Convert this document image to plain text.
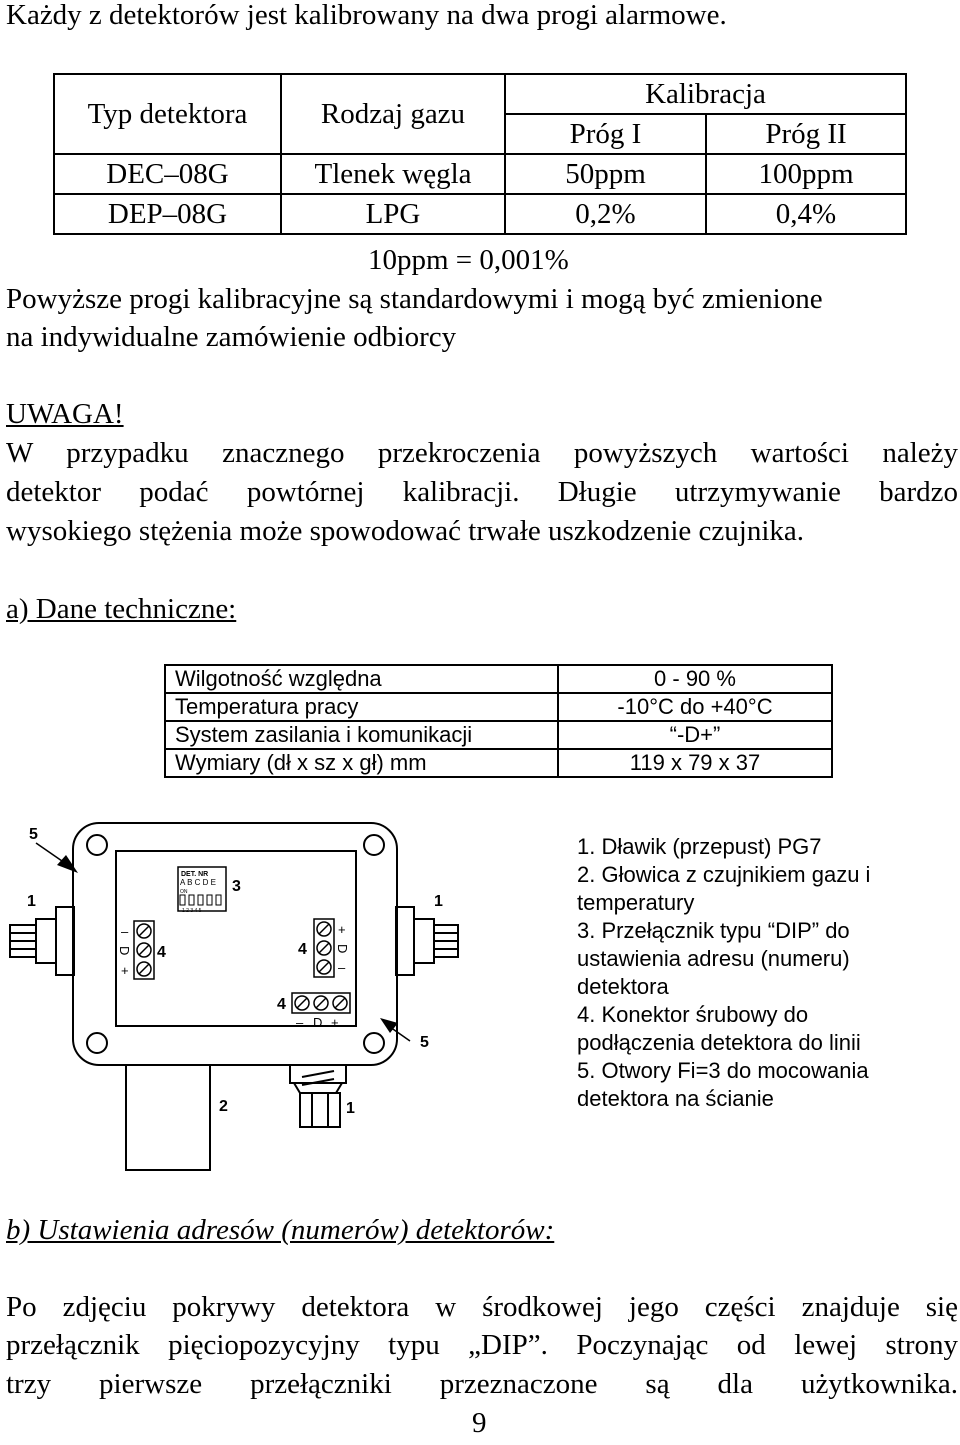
Każdy z detektorów jest kalibrowany na dwa progi alarmowe.
Typ detektora	Rodzaj gazu	Kalibracja	
		Próg I	Próg II
DEC–08G	Tlenek węgla	50ppm	100ppm
DEP–08G	LPG	0,2%	0,4%
10ppm = 0,001%
Powyższe progi kalibracyjne są standardowymi i mogą być zmienione
na indywidualne zamówienie odbiorcy
UWAGA!
W przypadku znacznego przekroczenia powyższych wartości należy
detektor podać powtórnej kalibracji. Długie utrzymywanie bardzo
wysokiego stężenia może spowodować trwałe uszkodzenie czujnika.
a) Dane techniczne:
Wilgotność względna	0 - 90 %
Temperatura pracy	-10°C do +40°C
System zasilania i komunikacji	“-D+”
Wymiary (dł x sz x gł) mm	119 x 79 x 37
DET. NR
A B C D E
ON
1 2 3 4 5
–
D
+
+
D
–
– D +
5
1
3
1
4	4
4
5
2	1
1. Dławik (przepust) PG7
2. Głowica z czujnikiem gazu i
temperatury
3. Przełącznik typu “DIP” do
ustawienia adresu (numeru)
detektora
4. Konektor śrubowy do
podłączenia detektora do linii
5. Otwory Fi=3 do mocowania
detektora na ścianie
b) Ustawienia adresów (numerów) detektorów:
Po zdjęciu pokrywy detektora w środkowej jego części znajduje się
przełącznik pięciopozycyjny typu „DIP”. Poczynając od lewej strony
trzy pierwsze przełączniki przeznaczone są dla użytkownika.
9
